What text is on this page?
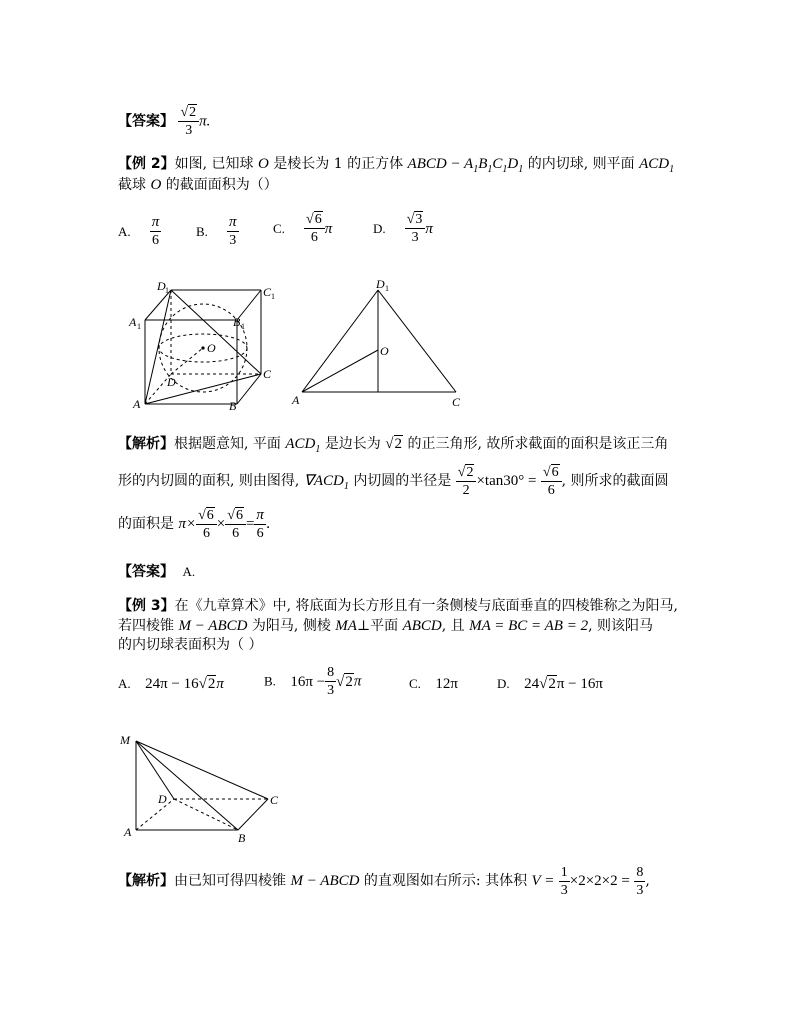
【答案】 $\frac{√2}{3} \pi$.
【例 2】如图, 已知球 O 是棱长为 1 的正方体 ABCD − $A_1B_1C_1D_1$ 的内切球, 则平面 $ACD_1$
截球 O 的截面面积为（）
A. $\frac{\pi}{6}$	B. $\frac{\pi}{3}$	C. $\frac{√6}{6}$ π	D. $\frac{√3}{3}$ π
D 1	C 1
A 1	B 1
O
D
C
A	B
D 1
O
A	C
【解析】根据题意知, 平面 $ACD_1$ 是边长为 √2 的正三角形, 故所求截面的面积是该正三角
形的内切圆的面积, 则由图得, $\nabla ACD_1$ 内切圆的半径是 $\frac{√2}{2} \times\tan 30^\circ = \frac{√6}{6}$ , 则所求的截面圆
的面积是 $\pi\times \frac{√6}{6} \times \frac{√6}{6} = \frac{\pi}{6}$ .
【答案】 A.
【例 3】在《九章算术》中, 将底面为长方形且有一条侧棱与底面垂直的四棱锥称之为阳马,
若四棱锥 M − ABCD 为阳马, 侧棱 MA⊥平面 ABCD, 且 MA = BC = AB = 2, 则该阳马
的内切球表面积为（ ）
A. 24π − 16√2π	B. $16\pi - \frac{8}{3} √2\pi$	C. 12π	D. 24√2π − 16π
M
D	C
A	B
【解析】由已知可得四棱锥 M − ABCD 的直观图如右所示: 其体积 $V = \frac{1}{3} \times 2\times 2\times 2 = \frac{8}{3}$ ,
